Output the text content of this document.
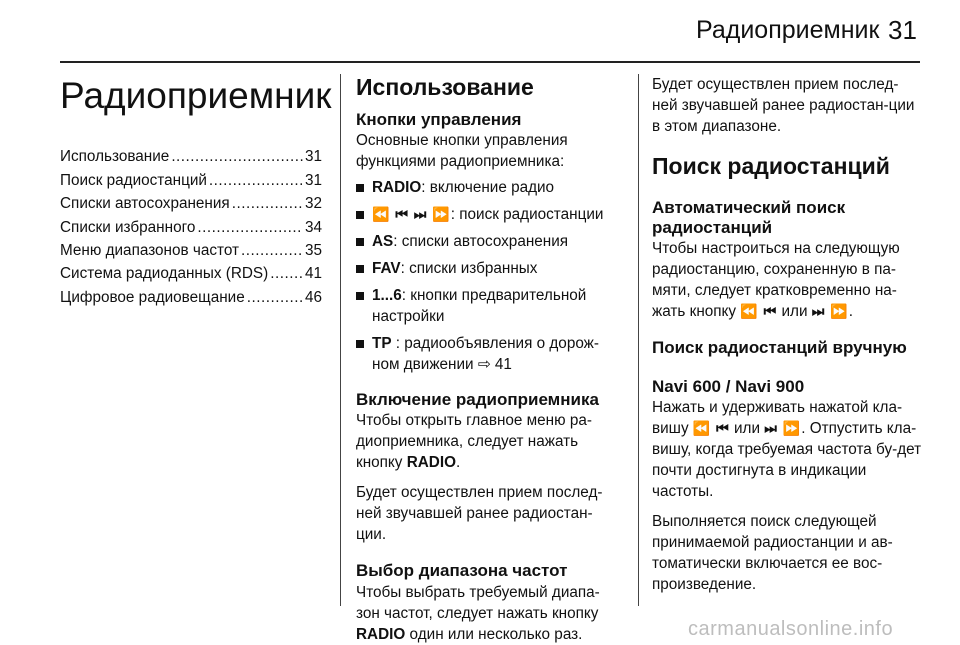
Радиоприемник 31
Радиоприемник
Использование .....	31
Поиск радиостанций .....	31
Списки автосохранения .....	32
Списки избранного .....	34
Меню диапазонов частот .....	35
Система радиоданных (RDS) ..... 41
Цифровое радиовещание .....	46
Использование
Кнопки управления

Основные кнопки управления функциями радиоприемника:

RADIO: включение радио
⏪ ⏮ ⏭ ⏩: поиск радиостанции
AS: списки автосохранения
FAV: списки избранных
1...6: кнопки предварительной настройки
TP : радиообъявления о дорож-ном движении ⇨ 41
Включение радиоприемника

Чтобы открыть главное меню ра-диоприемника, следует нажать кнопку RADIO.

Будет осуществлен прием послед-ней звучавшей ранее радиостан-ции.

Выбор диапазона частот

Чтобы выбрать требуемый диапа-зон частот, следует нажать кнопку RADIO один или несколько раз.

Будет осуществлен прием послед-ней звучавшей ранее радиостан-ции в этом диапазоне.

Поиск радиостанций
Автоматический поиск радиостанций

Чтобы настроиться на следующую радиостанцию, сохраненную в па-мяти, следует кратковременно на-жать кнопку ⏪ ⏮ или ⏭ ⏩.

Поиск радиостанций вручную
Navi 600 / Navi 900

Нажать и удерживать нажатой кла-вишу ⏪ ⏮ или ⏭ ⏩. Отпустить кла-вишу, когда требуемая частота бу-дет почти достигнута в индикации частоты.

Выполняется поиск следующей принимаемой радиостанции и ав-томатически включается ее вос-произведение.

carmanualsonline.info
